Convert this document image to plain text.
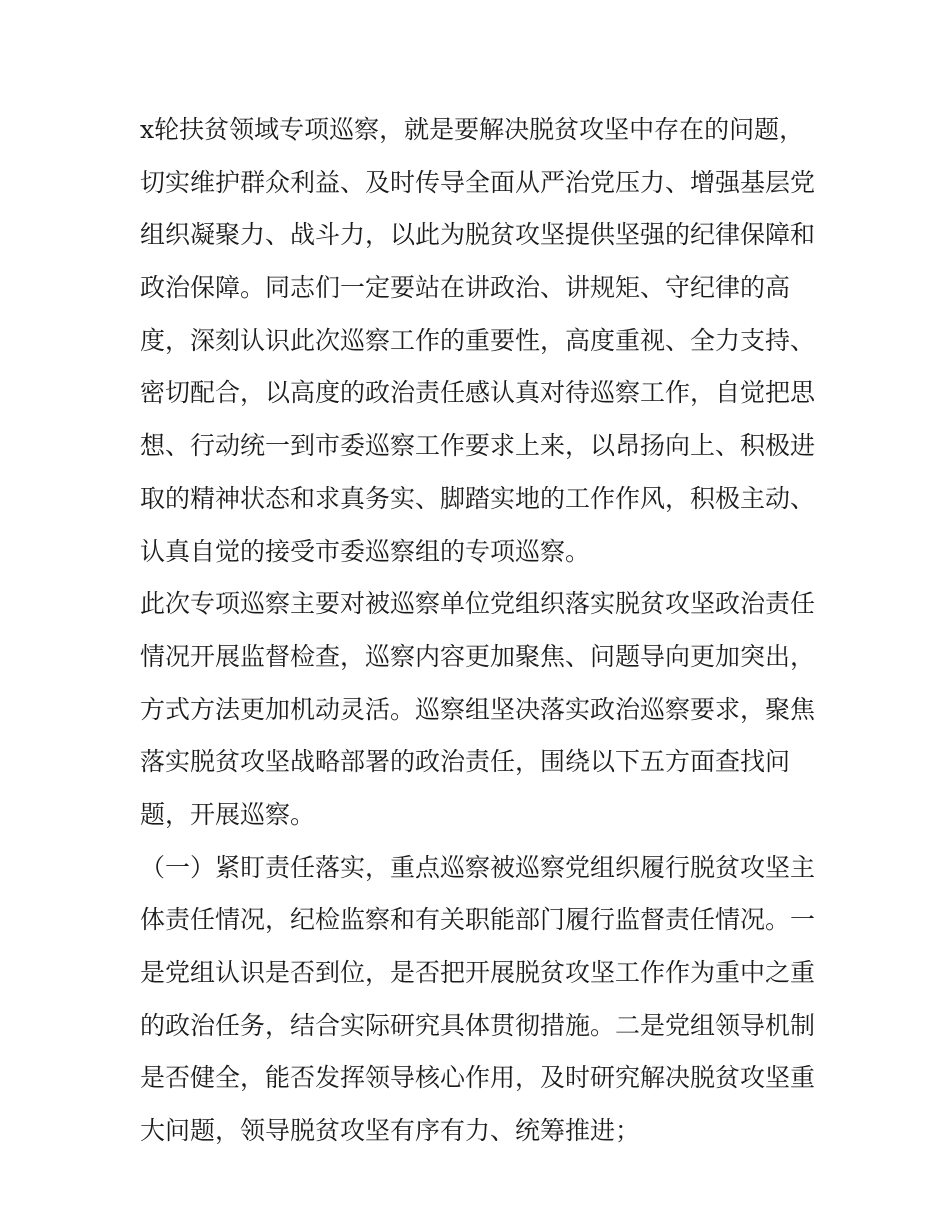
x轮扶贫领域专项巡察，就是要解决脱贫攻坚中存在的问题，
切实维护群众利益、及时传导全面从严治党压力、增强基层党
组织凝聚力、战斗力，以此为脱贫攻坚提供坚强的纪律保障和
政治保障。同志们一定要站在讲政治、讲规矩、守纪律的高
度，深刻认识此次巡察工作的重要性，高度重视、全力支持、
密切配合，以高度的政治责任感认真对待巡察工作，自觉把思
想、行动统一到市委巡察工作要求上来，以昂扬向上、积极进
取的精神状态和求真务实、脚踏实地的工作作风，积极主动、
认真自觉的接受市委巡察组的专项巡察。
此次专项巡察主要对被巡察单位党组织落实脱贫攻坚政治责任
情况开展监督检查，巡察内容更加聚焦、问题导向更加突出，
方式方法更加机动灵活。巡察组坚决落实政治巡察要求，聚焦
落实脱贫攻坚战略部署的政治责任，围绕以下五方面查找问
题，开展巡察。
（一）紧盯责任落实，重点巡察被巡察党组织履行脱贫攻坚主
体责任情况，纪检监察和有关职能部门履行监督责任情况。一
是党组认识是否到位，是否把开展脱贫攻坚工作作为重中之重
的政治任务，结合实际研究具体贯彻措施。二是党组领导机制
是否健全，能否发挥领导核心作用，及时研究解决脱贫攻坚重
大问题，领导脱贫攻坚有序有力、统筹推进；
